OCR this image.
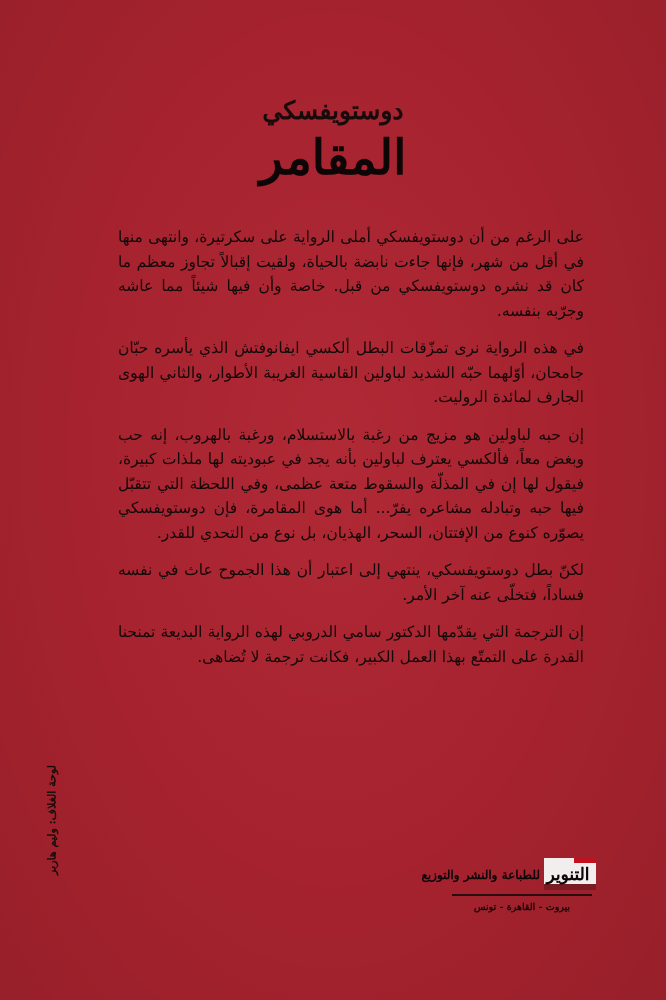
دوستويفسكي
المقامر

على الرغم من أن دوستويفسكي أملى الرواية على سكرتيرة، وانتهى منها في أقل من شهر، فإنها جاءت نابضة بالحياة، ولقيت إقبالاً تجاوز معظم ما كان قد نشره دوستويفسكي من قبل. خاصة وأن فيها شيئاً مما عاشه وجرّبه بنفسه.

في هذه الرواية نرى تمزّقات البطل ألكسي ايفانوفتش الذي يأسره حبّان جامحان، أوّلهما حبّه الشديد لباولين القاسية الغريبة الأطوار، والثاني الهوى الجارف لمائدة الروليت.

إن حبه لباولين هو مزيج من رغبة بالاستسلام، ورغبة بالهروب، إنه حب وبغض معاً، فألكسي يعترف لباولين بأنه يجد في عبوديته لها ملذات كبيرة، فيقول لها إن في المذلّة والسقوط متعة عظمى، وفي اللحظة التي تتقبّل فيها حبه وتبادله مشاعره يفرّ... أما هوى المقامرة، فإن دوستويفسكي يصوّره كنوع من الإفتتان، السحر، الهذيان، بل نوع من التحدي للقدر.

لكنّ بطل دوستويفسكي، ينتهي إلى اعتبار أن هذا الجموح عاث في نفسه فساداً، فتخلّى عنه آخر الأمر.

إن الترجمة التي يقدّمها الدكتور سامي الدروبي لهذه الرواية البديعة تمنحنا القدرة على التمتّع بهذا العمل الكبير، فكانت ترجمة لا تُضاهى.

لوحة الغلاف: وليم هاربر
التنوير
للطباعة والنشر والتوزيع
بيروت - القاهرة - تونس
